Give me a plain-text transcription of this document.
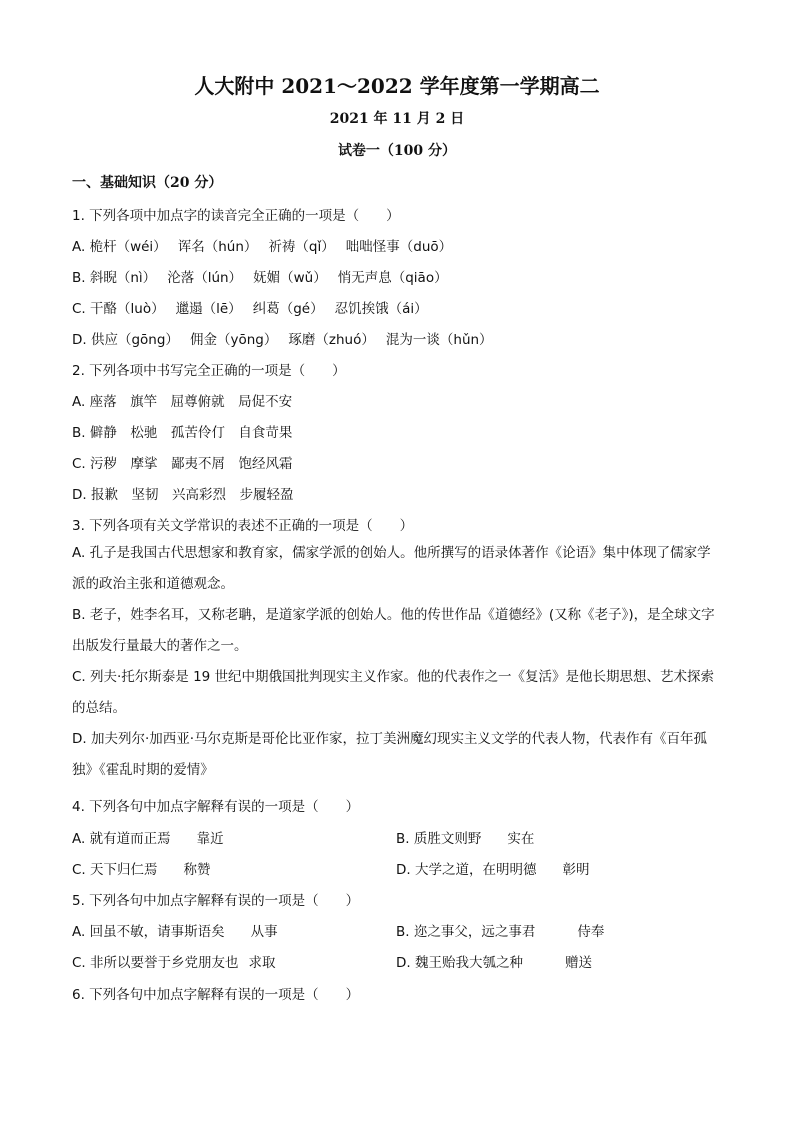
人大附中 2021～2022 学年度第一学期高二
2021 年 11 月 2 日
试卷一（100 分）
一、基础知识（20 分）
1. 下列各项中加点字的读音完全正确的一项是（　　）
A. 桅杆（wéi）　 诨名（hún）　 祈祷（qǐ）　 咄咄怪事（duō）
B. 斜睨（nì）　 沦落（lún）　 妩媚（wǔ）　 悄无声息（qiāo）
C. 干酪（luò）　 邋遢（lē）　 纠葛（gé）　 忍饥挨饿（ái）
D. 供应（gōng）　 佣金（yōng）　 琢磨（zhuó）　 混为一谈（hǔn）
2. 下列各项中书写完全正确的一项是（　　）
A. 座落　旗竿　屈尊俯就　局促不安
B. 僻静　松驰　孤苦伶仃　自食苛果
C. 污秽　摩挲　鄙夷不屑　饱经风霜
D. 报歉　坚韧　兴高彩烈　步履轻盈
3. 下列各项有关文学常识的表述不正确的一项是（　　）
A. 孔子是我国古代思想家和教育家，儒家学派的创始人。他所撰写的语录体著作《论语》集中体现了儒家学派的政治主张和道德观念。
B. 老子，姓李名耳，又称老聃，是道家学派的创始人。他的传世作品《道德经》(又称《老子》)，是全球文字出版发行量最大的著作之一。
C. 列夫·托尔斯泰是 19 世纪中期俄国批判现实主义作家。他的代表作之一《复活》是他长期思想、艺术探索的总结。
D. 加夫列尔·加西亚·马尔克斯是哥伦比亚作家，拉丁美洲魔幻现实主义文学的代表人物，代表作有《百年孤独》《霍乱时期的爱情》
4. 下列各句中加点字解释有误的一项是（　　）
A. 就有道而正焉 靠近	B. 质胜文则野 实在
C. 天下归仁焉 称赞	D. 大学之道，在明明德 彰明
5. 下列各句中加点字解释有误的一项是（　　）
A. 回虽不敏，请事斯语矣 从事	B. 迩之事父，远之事君	侍奉
C. 非所以要誉于乡党朋友也 求取	D. 魏王贻我大瓠之种	赠送
6. 下列各句中加点字解释有误的一项是（　　）
